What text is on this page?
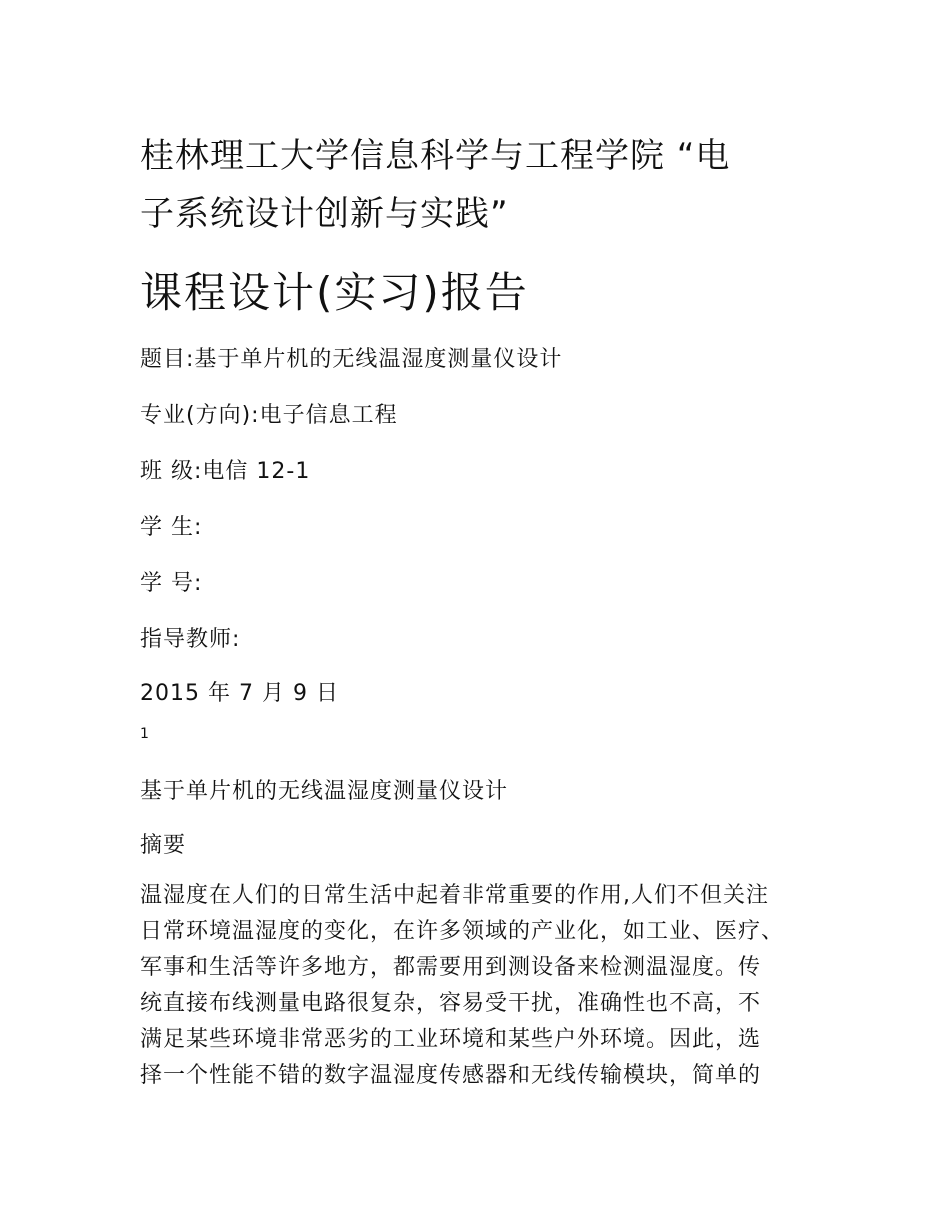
桂林理工大学信息科学与工程学院 “电
子系统设计创新与实践”
课程设计(实习)报告
题目:基于单片机的无线温湿度测量仪设计
专业(方向):电子信息工程
班 级:电信 12-1
学 生:
学 号:
指导教师:
2015 年 7 月 9 日
1
基于单片机的无线温湿度测量仪设计
摘要
温湿度在人们的日常生活中起着非常重要的作用,人们不但关注
日常环境温湿度的变化，在许多领域的产业化，如工业、医疗、
军事和生活等许多地方，都需要用到测设备来检测温湿度。传
统直接布线测量电路很复杂，容易受干扰，准确性也不高，不
满足某些环境非常恶劣的工业环境和某些户外环境。因此，选
择一个性能不错的数字温湿度传感器和无线传输模块，简单的
